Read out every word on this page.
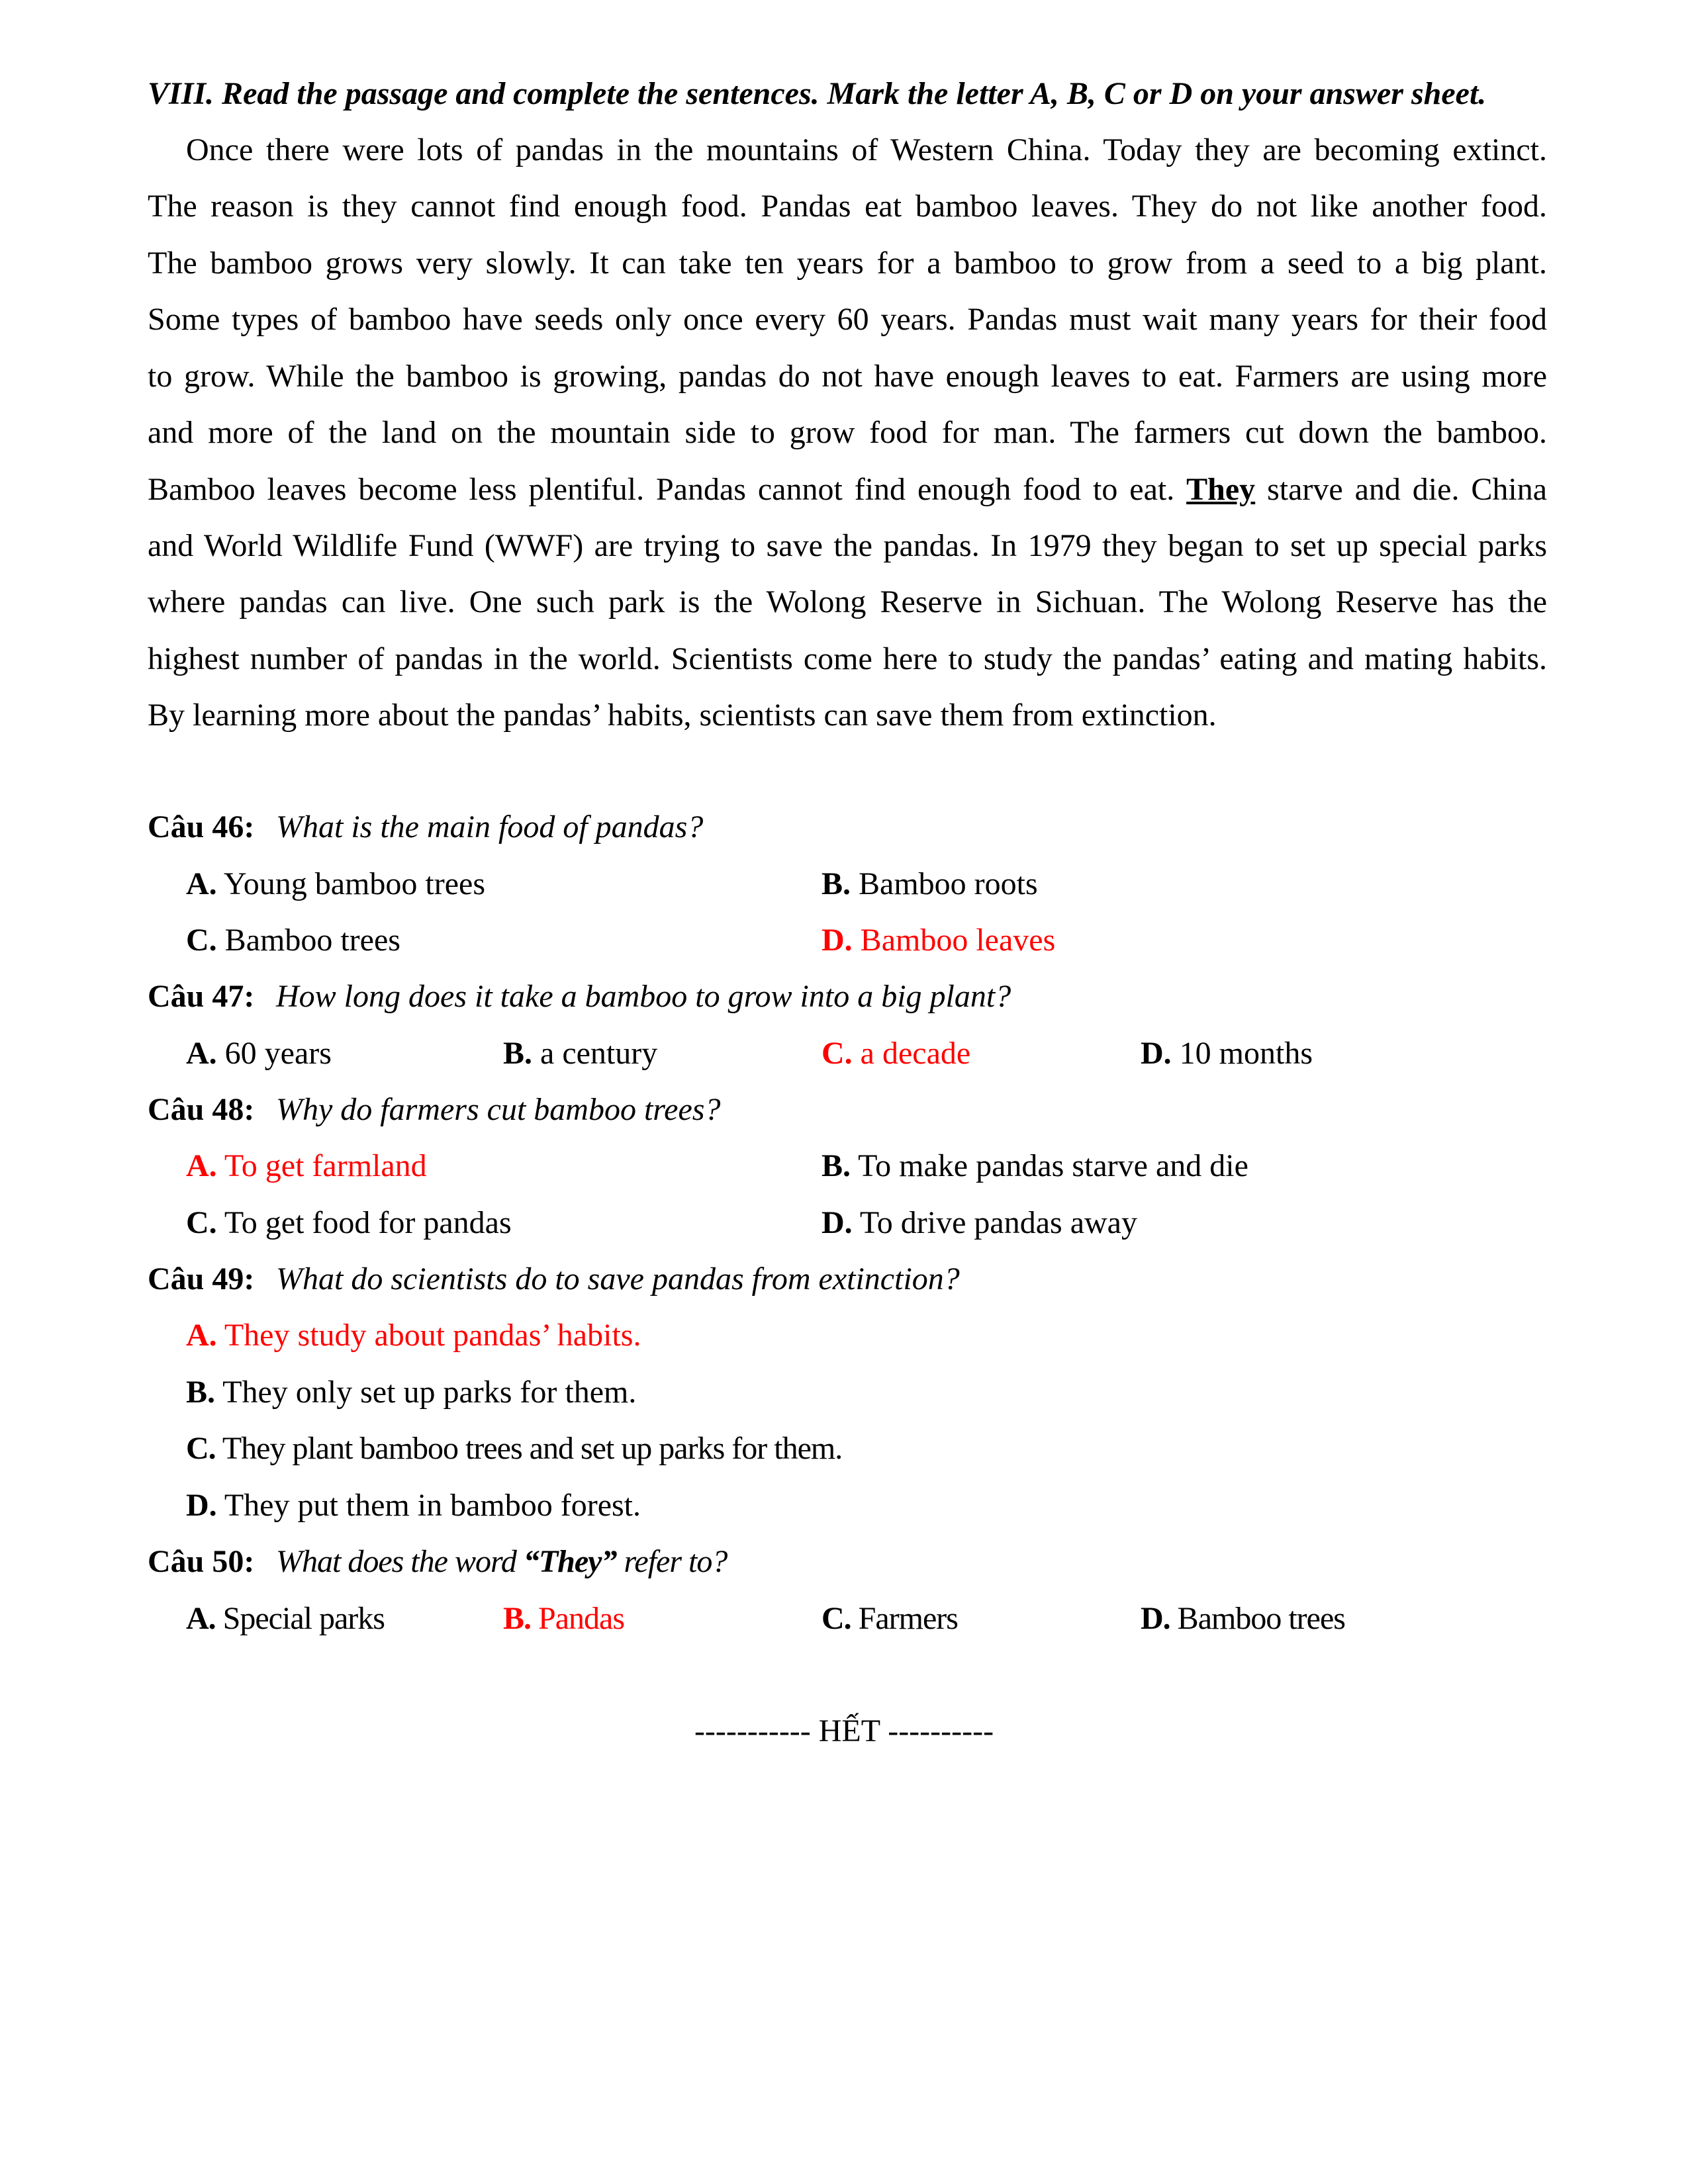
VIII. Read the passage and complete the sentences. Mark the letter A, B, C or D on your answer sheet.
Once there were lots of pandas in the mountains of Western China. Today they are becoming extinct.
The reason is they cannot find enough food. Pandas eat bamboo leaves. They do not like another food.
The bamboo grows very slowly. It can take ten years for a bamboo to grow from a seed to a big plant.
Some types of bamboo have seeds only once every 60 years. Pandas must wait many years for their food
to grow. While the bamboo is growing, pandas do not have enough leaves to eat. Farmers are using more
and more of the land on the mountain side to grow food for man. The farmers cut down the bamboo.
Bamboo leaves become less plentiful. Pandas cannot find enough food to eat. They starve and die. China
and World Wildlife Fund (WWF) are trying to save the pandas. In 1979 they began to set up special parks
where pandas can live. One such park is the Wolong Reserve in Sichuan. The Wolong Reserve has the
highest number of pandas in the world. Scientists come here to study the pandas’ eating and mating habits.
By learning more about the pandas’ habits, scientists can save them from extinction.
Câu 46: What is the main food of pandas?
A. Young bamboo trees	B. Bamboo roots
C. Bamboo trees	D. Bamboo leaves
Câu 47: How long does it take a bamboo to grow into a big plant?
A. 60 years	B. a century	C. a decade	D. 10 months
Câu 48: Why do farmers cut bamboo trees?
A. To get farmland	B. To make pandas starve and die
C. To get food for pandas	D. To drive pandas away
Câu 49: What do scientists do to save pandas from extinction?
A. They study about pandas’ habits.
B. They only set up parks for them.
C. They plant bamboo trees and set up parks for them.
D. They put them in bamboo forest.
Câu 50: What does the word “They” refer to?
A. Special parks	B. Pandas	C. Farmers	D. Bamboo trees
----------- HẾT ----------
